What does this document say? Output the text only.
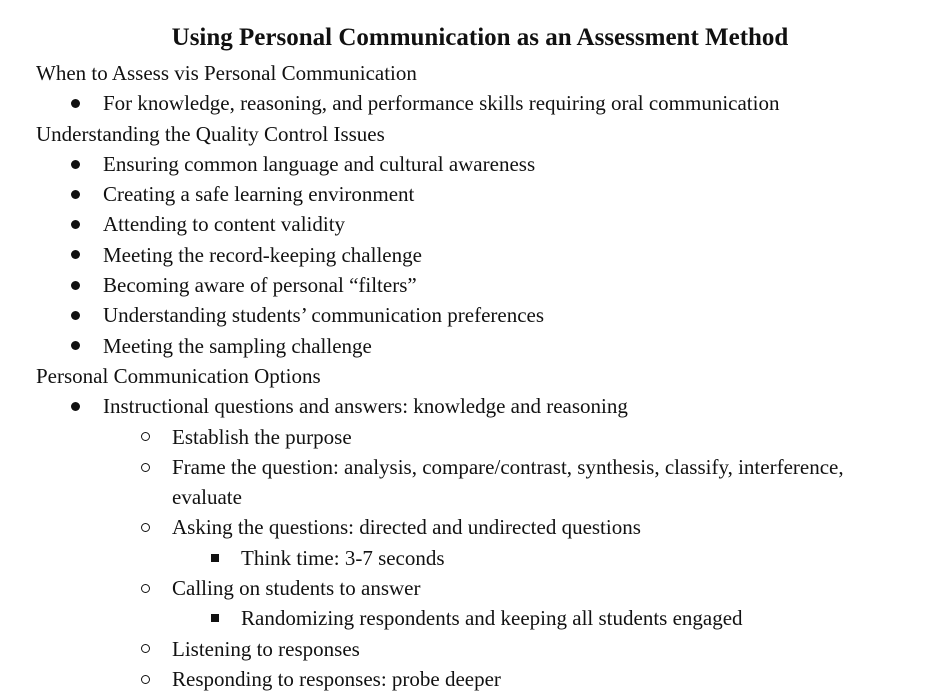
Using Personal Communication as an Assessment Method
When to Assess vis Personal Communication
For knowledge, reasoning, and performance skills requiring oral communication
Understanding the Quality Control Issues
Ensuring common language and cultural awareness
Creating a safe learning environment
Attending to content validity
Meeting the record-keeping challenge
Becoming aware of personal “filters”
Understanding students’ communication preferences
Meeting the sampling challenge
Personal Communication Options
Instructional questions and answers: knowledge and reasoning
Establish the purpose
Frame the question: analysis, compare/contrast, synthesis, classify, interference, evaluate
Asking the questions: directed and undirected questions
Think time: 3-7 seconds
Calling on students to answer
Randomizing respondents and keeping all students engaged
Listening to responses
Responding to responses: probe deeper
